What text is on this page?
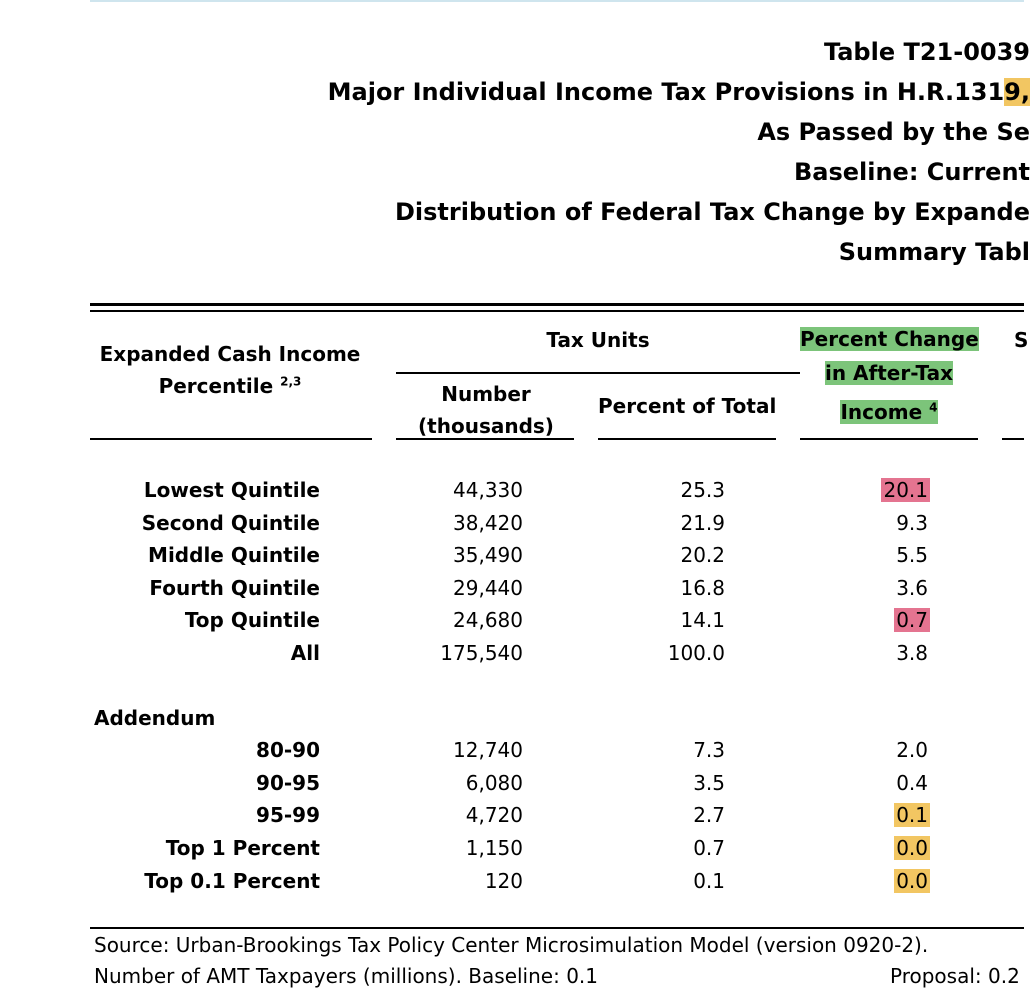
Table T21-0039
Major Individual Income Tax Provisions in H.R.1319,
As Passed by the Se
Baseline: Current
Distribution of Federal Tax Change by Expande
Summary Tabl
Expanded Cash Income
Percentile $^{2,3}$
Tax Units
Number
(thousands)
Percent of Total
Percent Change
in After-Tax
Income $^4$
S
Lowest Quintile	44,330	25.3	20.1
Second Quintile	38,420	21.9	9.3
Middle Quintile	35,490	20.2	5.5
Fourth Quintile	29,440	16.8	3.6
Top Quintile	24,680	14.1	0.7
All	175,540	100.0	3.8
Addendum
80-90	12,740	7.3	2.0
90-95	6,080	3.5	0.4
95-99	4,720	2.7	0.1
Top 1 Percent	1,150	0.7	0.0
Top 0.1 Percent	120	0.1	0.0
Source: Urban-Brookings Tax Policy Center Microsimulation Model (version 0920-2).
Number of AMT Taxpayers (millions). Baseline: 0.1	Proposal: 0.2
